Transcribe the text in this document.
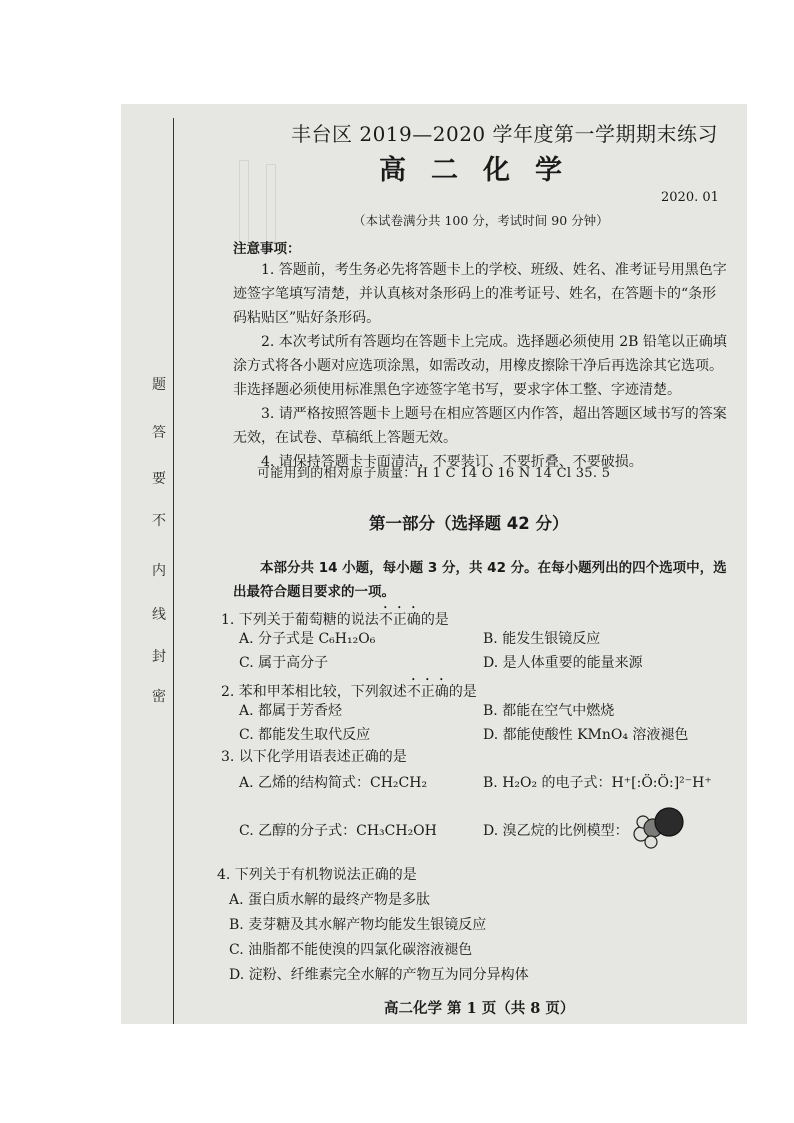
密
封
线
内
不
要
答
题
丰台区 2019—2020 学年度第一学期期末练习
高二化学
2020. 01
（本试卷满分共 100 分，考试时间 90 分钟）
注意事项：
1. 答题前，考生务必先将答题卡上的学校、班级、姓名、准考证号用黑色字迹签字笔填写清楚，并认真核对条形码上的准考证号、姓名，在答题卡的“条形码粘贴区”贴好条形码。
2. 本次考试所有答题均在答题卡上完成。选择题必须使用 2B 铅笔以正确填涂方式将各小题对应选项涂黑，如需改动，用橡皮擦除干净后再选涂其它选项。非选择题必须使用标准黑色字迹签字笔书写，要求字体工整、字迹清楚。
3. 请严格按照答题卡上题号在相应答题区内作答，超出答题区域书写的答案无效，在试卷、草稿纸上答题无效。
4. 请保持答题卡卡面清洁，不要装订、不要折叠、不要破损。
可能用到的相对原子质量：H 1 C 14 O 16 N 14 Cl 35. 5
第一部分（选择题 42 分）
本部分共 14 小题，每小题 3 分，共 42 分。在每小题列出的四个选项中，选出最符合题目要求的一项。
1. 下列关于葡萄糖的说法不正确的是
A. 分子式是 C₆H₁₂O₆	B. 能发生银镜反应
C. 属于高分子	D. 是人体重要的能量来源
2. 苯和甲苯相比较，下列叙述不正确的是
A. 都属于芳香烃	B. 都能在空气中燃烧
C. 都能发生取代反应	D. 都能使酸性 KMnO₄ 溶液褪色
3. 以下化学用语表述正确的是
A. 乙烯的结构简式：CH₂CH₂	B. H₂O₂ 的电子式：H⁺[:Ö:Ö:]²⁻H⁺
C. 乙醇的分子式：CH₃CH₂OH	D. 溴乙烷的比例模型：
4. 下列关于有机物说法正确的是
A. 蛋白质水解的最终产物是多肽
B. 麦芽糖及其水解产物均能发生银镜反应
C. 油脂都不能使溴的四氯化碳溶液褪色
D. 淀粉、纤维素完全水解的产物互为同分异构体
高二化学 第 1 页（共 8 页）
